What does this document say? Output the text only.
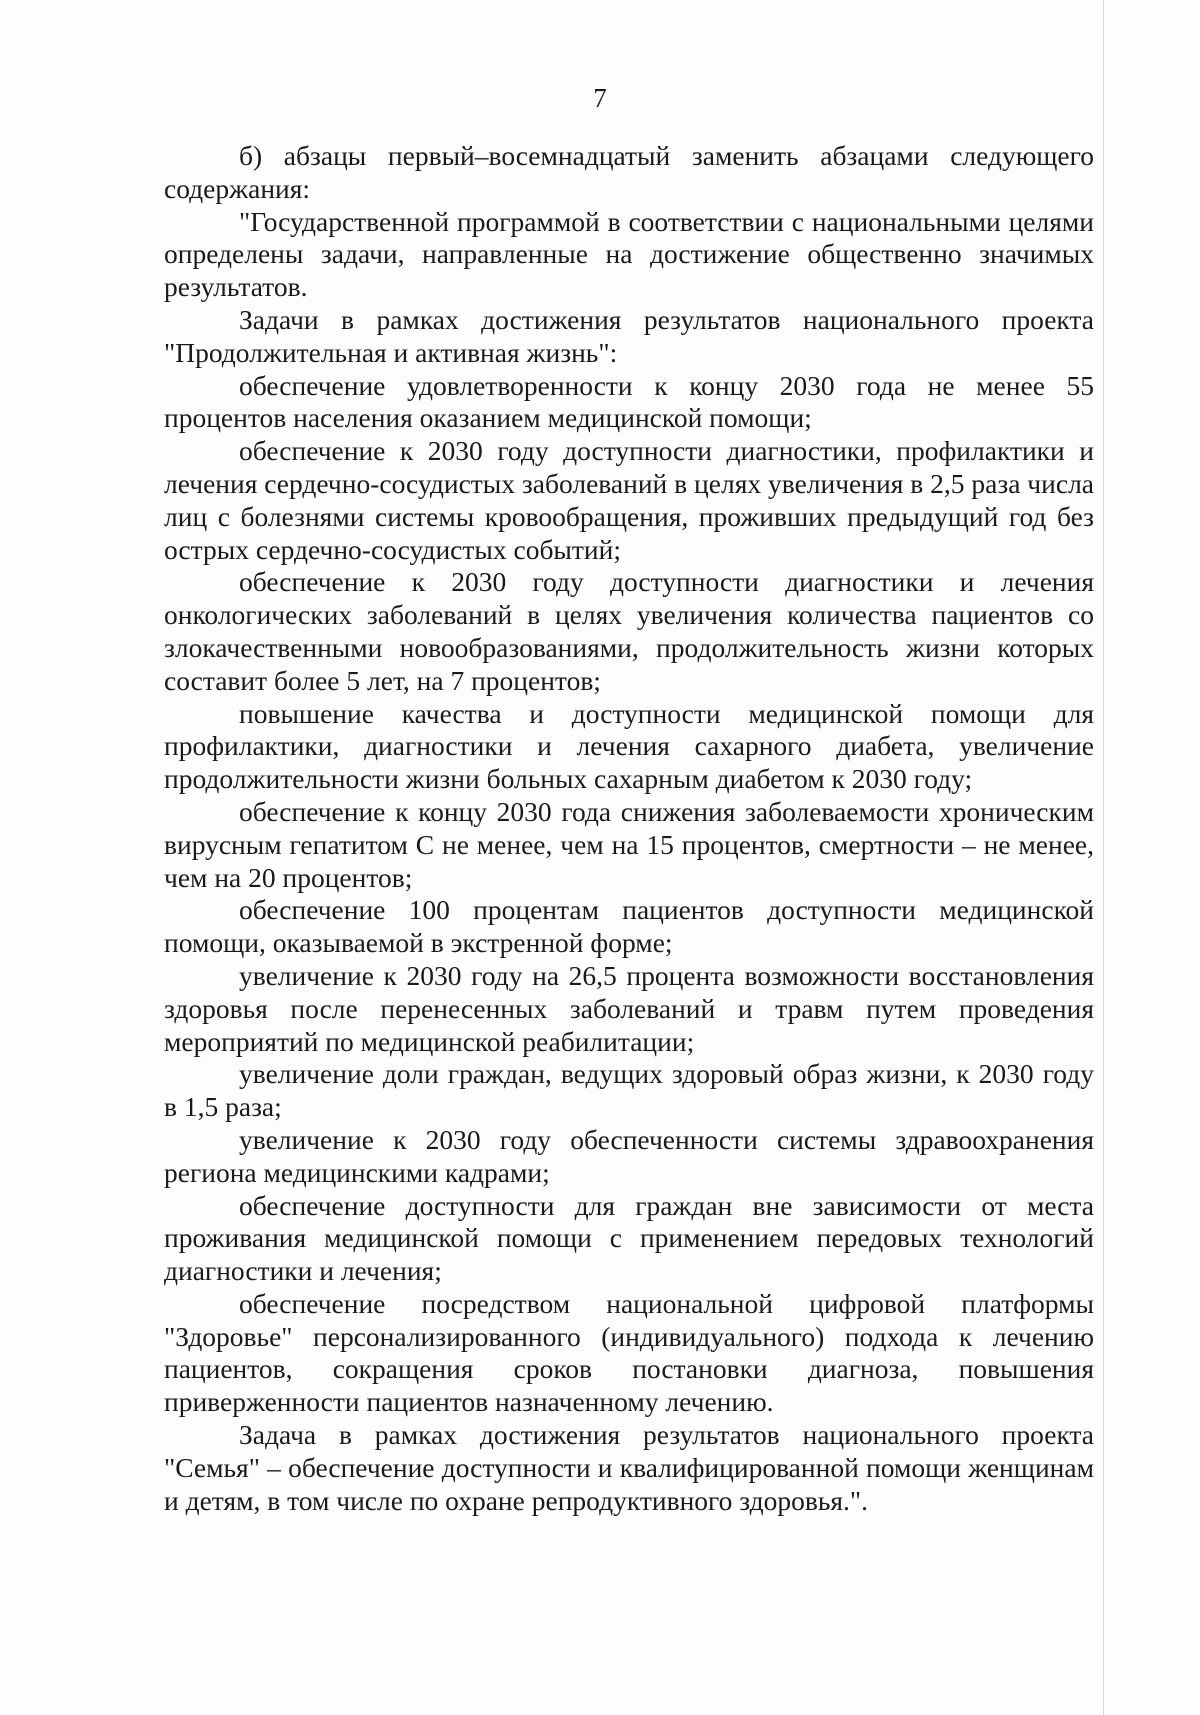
7

б) абзацы первый–восемнадцатый заменить абзацами следующего содержания:

"Государственной программой в соответствии с национальными целями определены задачи, направленные на достижение общественно значимых результатов.

Задачи в рамках достижения результатов национального проекта "Продолжительная и активная жизнь":

обеспечение удовлетворенности к концу 2030 года не менее 55 процентов населения оказанием медицинской помощи;

обеспечение к 2030 году доступности диагностики, профилактики и лечения сердечно-сосудистых заболеваний в целях увеличения в 2,5 раза числа лиц с болезнями системы кровообращения, проживших предыдущий год без острых сердечно-сосудистых событий;

обеспечение к 2030 году доступности диагностики и лечения онкологических заболеваний в целях увеличения количества пациентов со злокачественными новообразованиями, продолжительность жизни которых составит более 5 лет, на 7 процентов;

повышение качества и доступности медицинской помощи для профилактики, диагностики и лечения сахарного диабета, увеличение продолжительности жизни больных сахарным диабетом к 2030 году;

обеспечение к концу 2030 года снижения заболеваемости хроническим вирусным гепатитом С не менее, чем на 15 процентов, смертности – не менее, чем на 20 процентов;

обеспечение 100 процентам пациентов доступности медицинской помощи, оказываемой в экстренной форме;

увеличение к 2030 году на 26,5 процента возможности восстановления здоровья после перенесенных заболеваний и травм путем проведения мероприятий по медицинской реабилитации;

увеличение доли граждан, ведущих здоровый образ жизни, к 2030 году в 1,5 раза;

увеличение к 2030 году обеспеченности системы здравоохранения региона медицинскими кадрами;

обеспечение доступности для граждан вне зависимости от места проживания медицинской помощи с применением передовых технологий диагностики и лечения;

обеспечение посредством национальной цифровой платформы "Здоровье" персонализированного (индивидуального) подхода к лечению пациентов, сокращения сроков постановки диагноза, повышения приверженности пациентов назначенному лечению.

Задача в рамках достижения результатов национального проекта "Семья" – обеспечение доступности и квалифицированной помощи женщинам и детям, в том числе по охране репродуктивного здоровья.".
